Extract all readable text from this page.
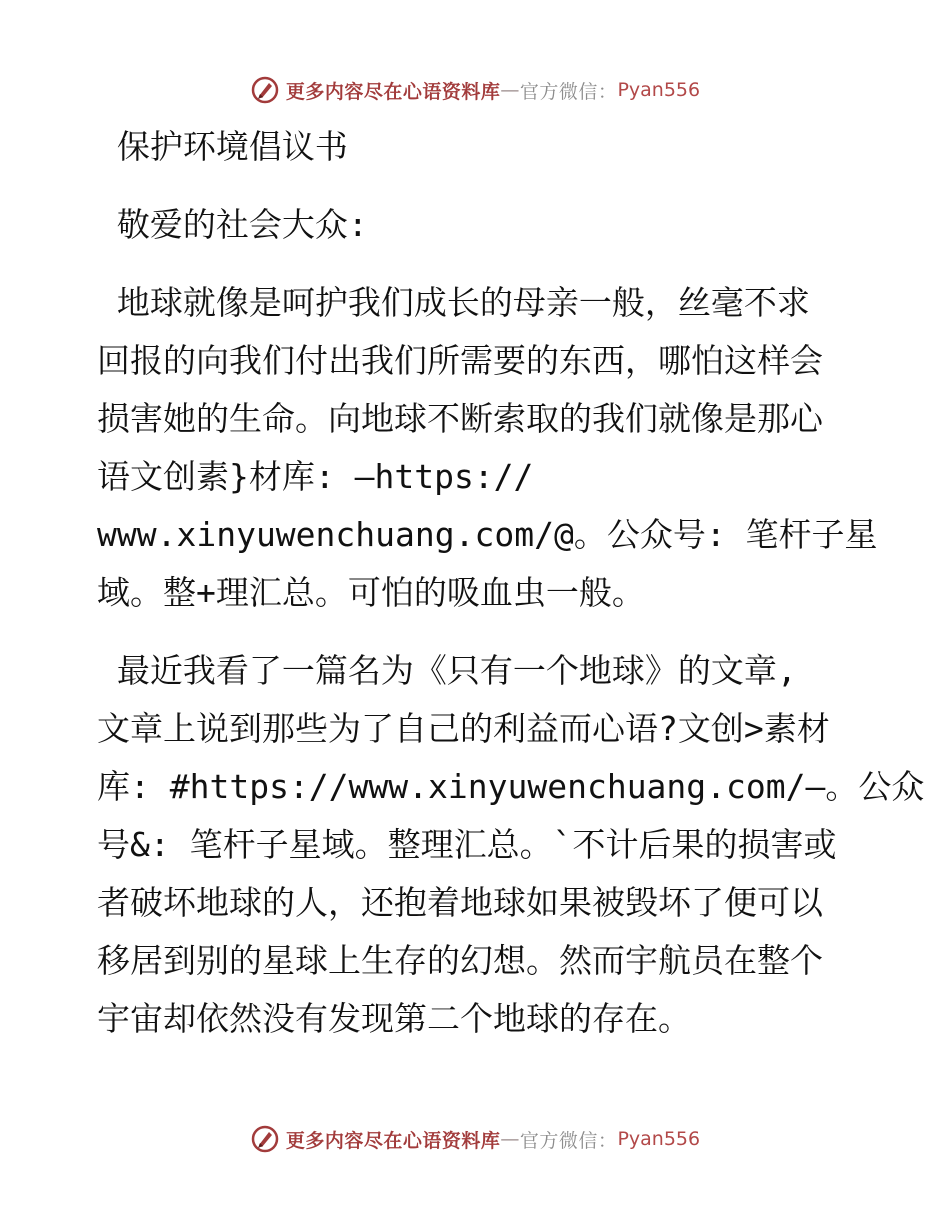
更多内容尽在心语资料库 — 官方微信： Pyan556
保护环境倡议书
敬爱的社会大众:
地球就像是呵护我们成长的母亲一般，丝毫不求
回报的向我们付出我们所需要的东西，哪怕这样会
损害她的生命。向地球不断索取的我们就像是那心
语文创素}材库: —https://
www.xinyuwenchuang.com/@。公众号: 笔杆子星
域。整+理汇总。可怕的吸血虫一般。
最近我看了一篇名为《只有一个地球》的文章,
文章上说到那些为了自己的利益而心语?文创>素材
库: #https://www.xinyuwenchuang.com/—。公众
号&: 笔杆子星域。整理汇总。`不计后果的损害或
者破坏地球的人，还抱着地球如果被毁坏了便可以
移居到别的星球上生存的幻想。然而宇航员在整个
宇宙却依然没有发现第二个地球的存在。
更多内容尽在心语资料库 — 官方微信： Pyan556
